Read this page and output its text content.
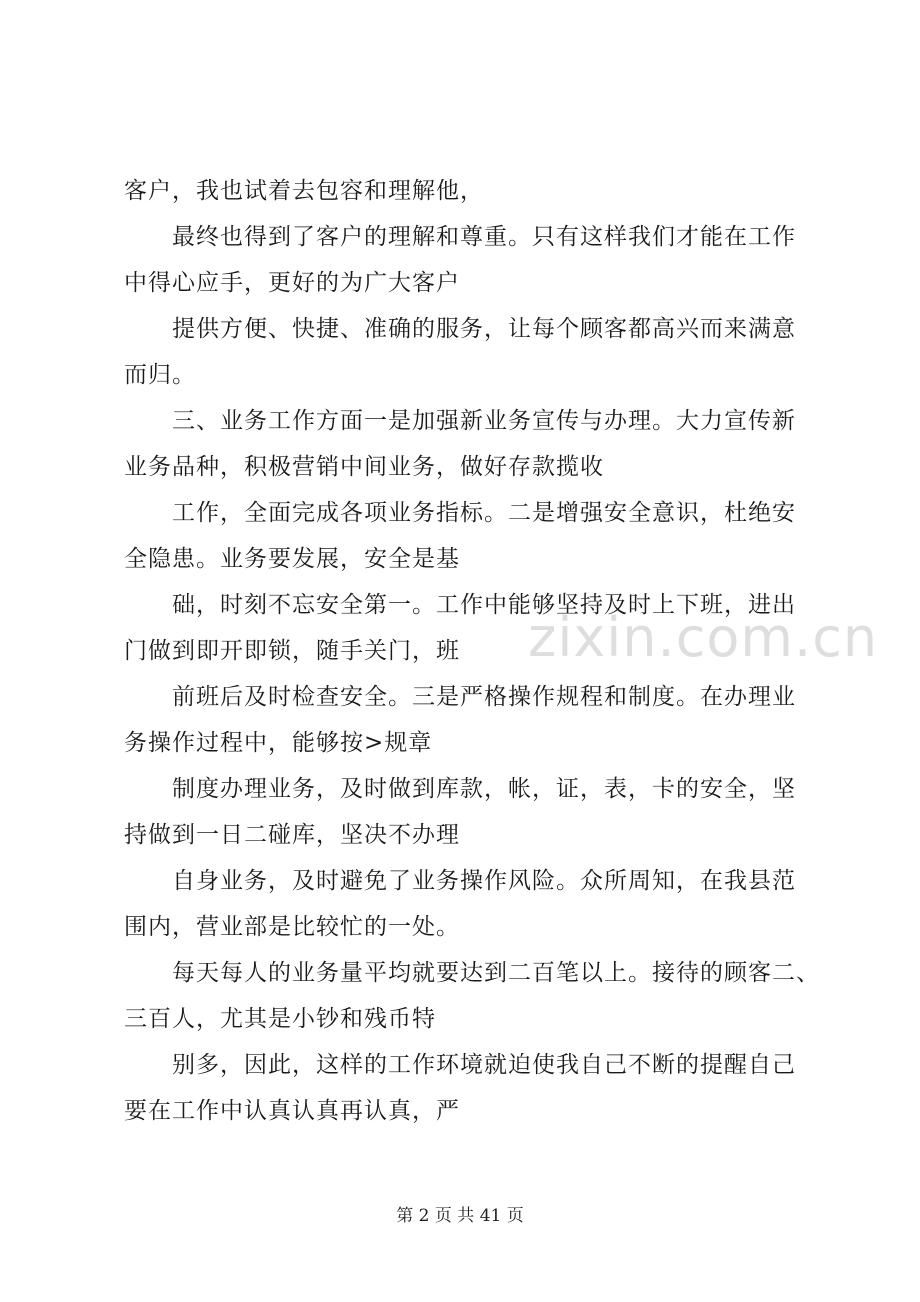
客户，我也试着去包容和理解他，
最终也得到了客户的理解和尊重。只有这样我们才能在工作
中得心应手，更好的为广大客户
提供方便、快捷、准确的服务，让每个顾客都高兴而来满意
而归。
三、业务工作方面一是加强新业务宣传与办理。大力宣传新
业务品种，积极营销中间业务，做好存款揽收
工作，全面完成各项业务指标。二是增强安全意识，杜绝安
全隐患。业务要发展，安全是基
础，时刻不忘安全第一。工作中能够坚持及时上下班，进出
门做到即开即锁，随手关门，班
前班后及时检查安全。三是严格操作规程和制度。在办理业
务操作过程中，能够按>规章
制度办理业务，及时做到库款，帐，证，表，卡的安全，坚
持做到一日二碰库，坚决不办理
自身业务，及时避免了业务操作风险。众所周知，在我县范
围内，营业部是比较忙的一处。
每天每人的业务量平均就要达到二百笔以上。接待的顾客二、
三百人，尤其是小钞和残币特
别多，因此，这样的工作环境就迫使我自己不断的提醒自己
要在工作中认真认真再认真，严
zixin.com.cn
第 2 页 共 41 页
